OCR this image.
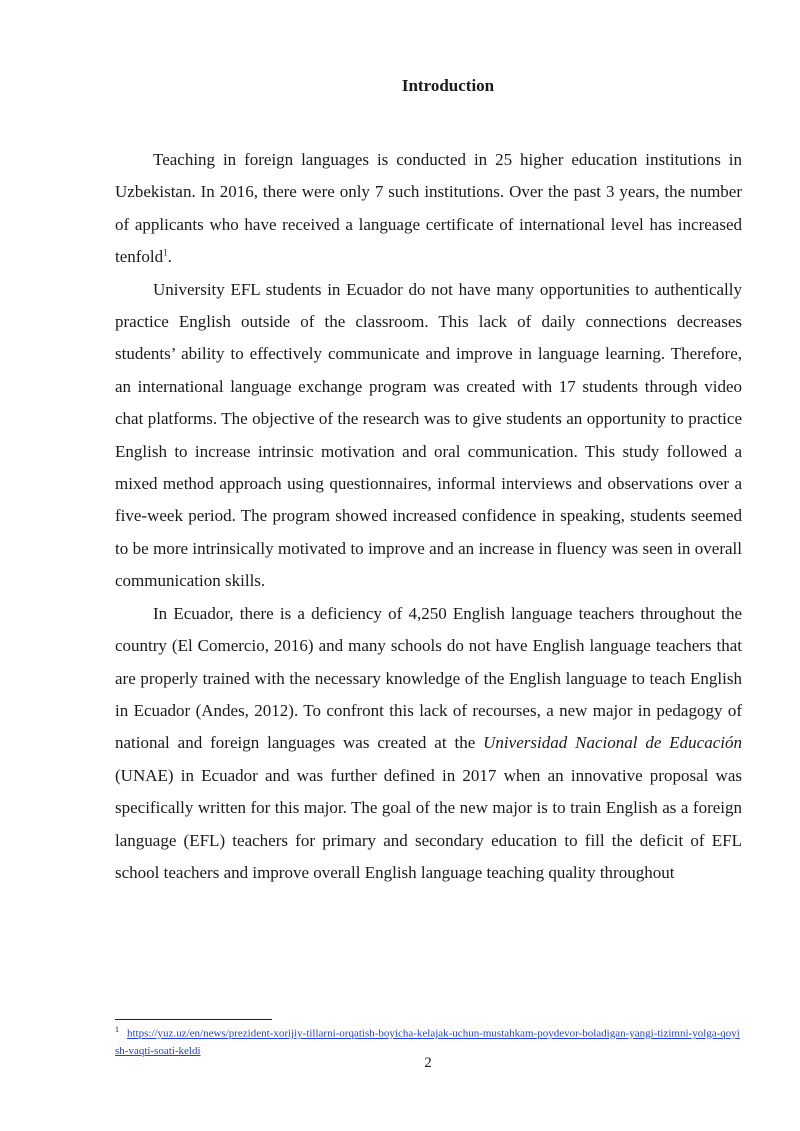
Introduction

Teaching in foreign languages is conducted in 25 higher education institutions in Uzbekistan. In 2016, there were only 7 such institutions. Over the past 3 years, the number of applicants who have received a language certificate of international level has increased tenfold$^1$.

University EFL students in Ecuador do not have many opportunities to authentically practice English outside of the classroom. This lack of daily connections decreases students’ ability to effectively communicate and improve in language learning. Therefore, an international language exchange program was created with 17 students through video chat platforms. The objective of the research was to give students an opportunity to practice English to increase intrinsic motivation and oral communication. This study followed a mixed method approach using questionnaires, informal interviews and observations over a five-week period. The program showed increased confidence in speaking, students seemed to be more intrinsically motivated to improve and an increase in fluency was seen in overall communication skills.

In Ecuador, there is a deficiency of 4,250 English language teachers throughout the country (El Comercio, 2016) and many schools do not have English language teachers that are properly trained with the necessary knowledge of the English language to teach English in Ecuador (Andes, 2012). To confront this lack of recourses, a new major in pedagogy of national and foreign languages was created at the Universidad Nacional de Educación (UNAE) in Ecuador and was further defined in 2017 when an innovative proposal was specifically written for this major. The goal of the new major is to train English as a foreign language (EFL) teachers for primary and secondary education to fill the deficit of EFL school teachers and improve overall English language teaching quality throughout

$^1$ https://yuz.uz/en/news/prezident-xorijiy-tillarni-orqatish-boyicha-kelajak-uchun-mustahkam-poydevor-boladigan-yangi-tizimni-yolga-qoyish-vaqti-soati-keldi
2
